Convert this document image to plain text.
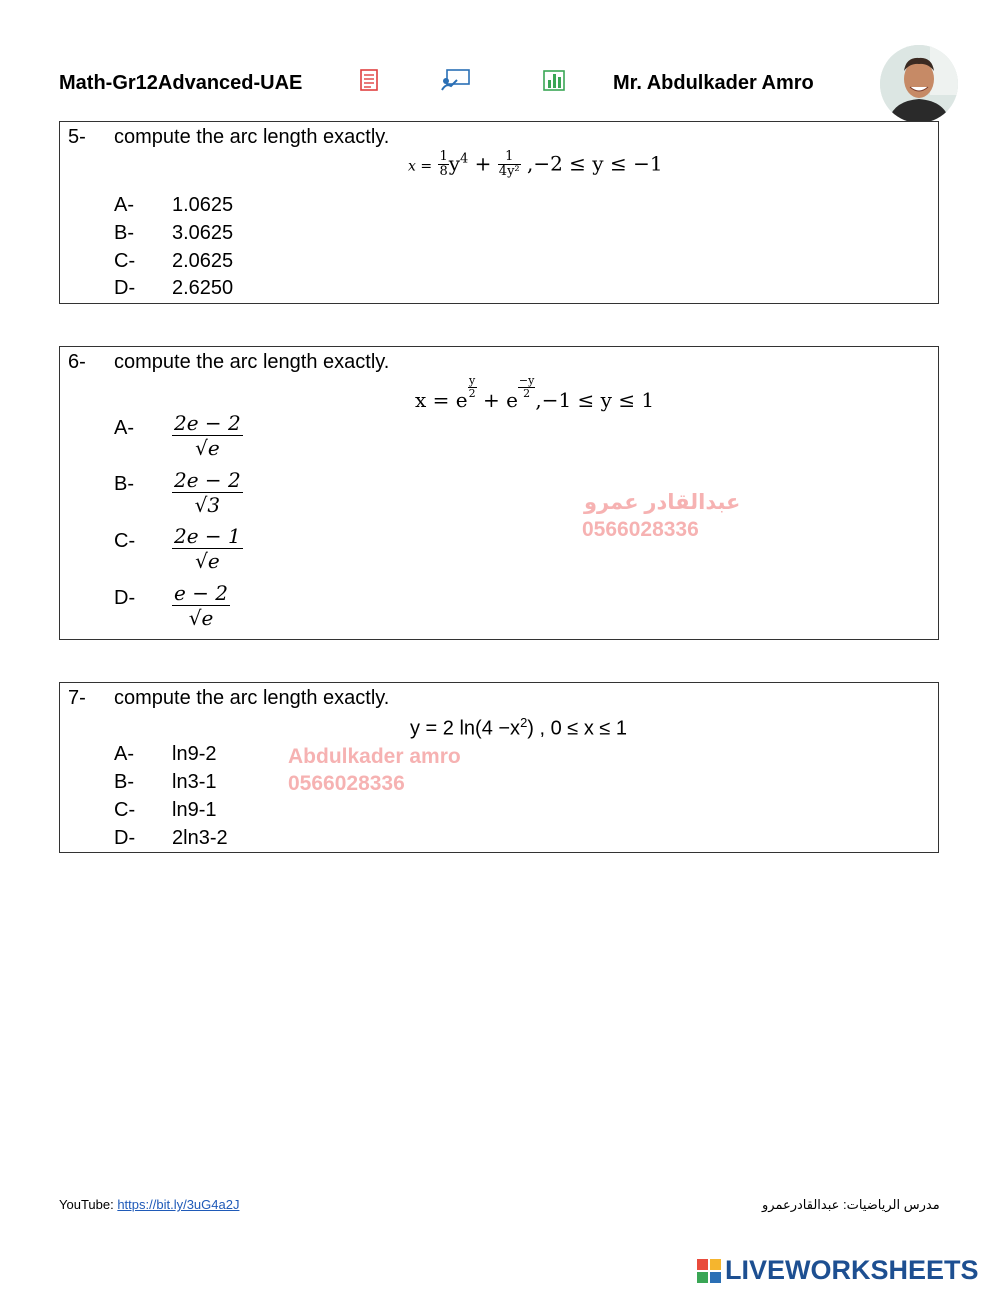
Math-Gr12Advanced-UAE	Mr. Abdulkader Amro
5- compute the arc length exactly.
$x = \frac{1}{8} y^4 + \frac{1}{\text{4y²}} ,-2 \le y \le -1$
A- 1.0625
B- 3.0625
C- 2.0625
D- 2.6250
6- compute the arc length exactly.
x = e $\frac{y}{2} + e \frac{-y}{2} ,-1 \le y \le 1$
A- 2e − 2
√e
B- 2e − 2
√3
C- 2e − 1
√e
D- e − 2
√e
عبدالقادر عمرو
0566028336
7- compute the arc length exactly.
y = 2 $\ln(4 -x^2)$ , 0 ≤ x ≤ 1
A- ln9-2
B- ln3-1
C- ln9-1
D- 2ln3-2
Abdulkader amro
0566028336
YouTube: https://bit.ly/3uG4a2J	مدرس الرياضيات: عبدالقادرعمرو
LIVEWORKSHEETS
